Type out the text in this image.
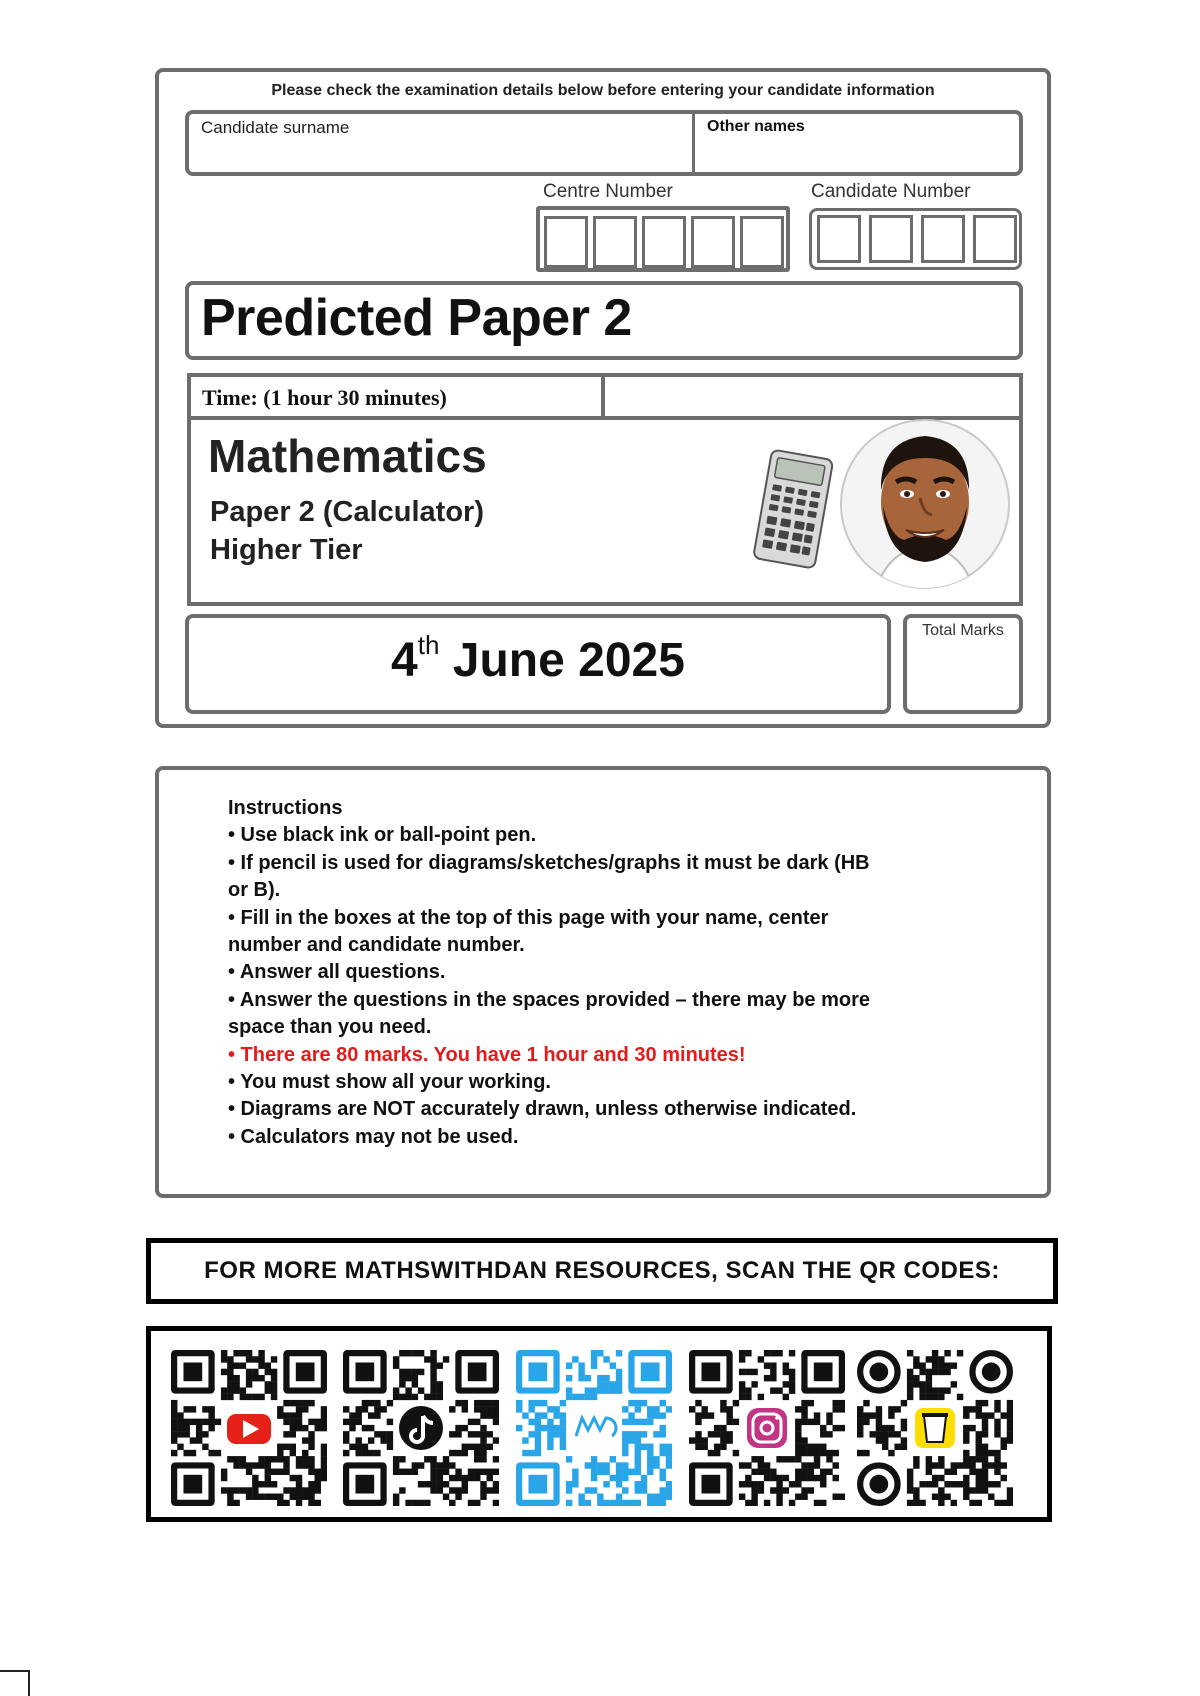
Please check the examination details below before entering your candidate information
Candidate surname	Other names
Centre Number	Candidate Number
Predicted Paper 2
Time: (1 hour 30 minutes)
Mathematics
Paper 2 (Calculator)
Higher Tier
4th June 2025
Total Marks
Instructions
• Use black ink or ball-point pen.
• If pencil is used for diagrams/sketches/graphs it must be dark (HB
or B).
• Fill in the boxes at the top of this page with your name, center
number and candidate number.
• Answer all questions.
• Answer the questions in the spaces provided – there may be more
space than you need.
• There are 80 marks. You have 1 hour and 30 minutes!
• You must show all your working.
• Diagrams are NOT accurately drawn, unless otherwise indicated.
• Calculators may not be used.
FOR MORE MATHSWITHDAN RESOURCES, SCAN THE QR CODES:
